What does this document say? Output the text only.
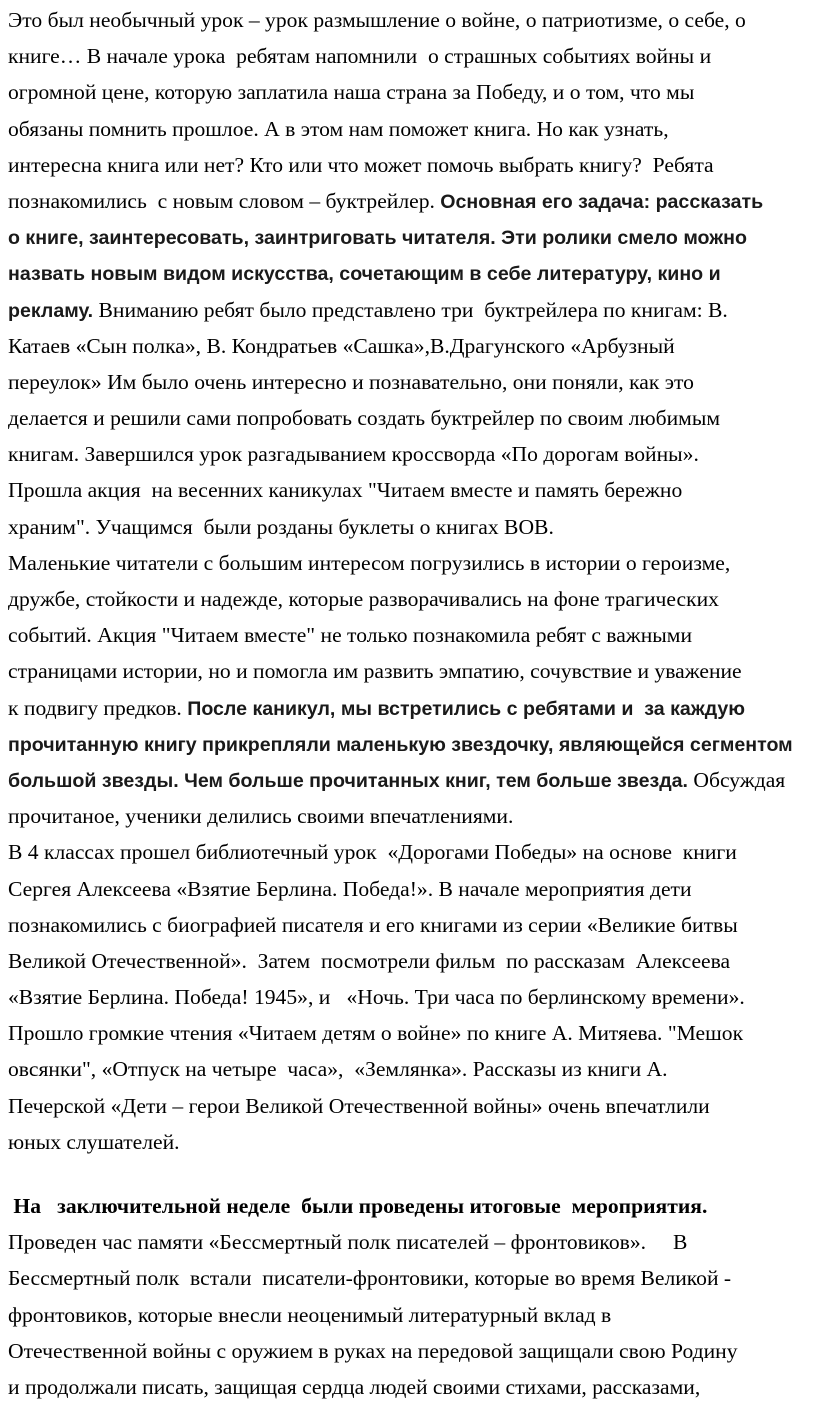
Это был необычный урок – урок размышление о войне, о патриотизме, о себе, о
книге… В начале урока  ребятам напомнили  о страшных событиях войны и
огромной цене, которую заплатила наша страна за Победу, и о том, что мы
обязаны помнить прошлое. А в этом нам поможет книга. Но как узнать,
интересна книга или нет? Кто или что может помочь выбрать книгу?  Ребята
познакомились  с новым словом – буктрейлер. Основная его задача: рассказать
о книге, заинтересовать, заинтриговать читателя. Эти ролики смело можно
назвать новым видом искусства, сочетающим в себе литературу, кино и
рекламу. Вниманию ребят было представлено три  буктрейлера по книгам: В.
Катаев «Сын полка», В. Кондратьев «Сашка»,В.Драгунского «Арбузный
переулок» Им было очень интересно и познавательно, они поняли, как это
делается и решили сами попробовать создать буктрейлер по своим любимым
книгам. Завершился урок разгадыванием кроссворда «По дорогам войны».
Прошла акция  на весенних каникулах "Читаем вместе и память бережно
храним". Учащимся  были розданы буклеты о книгах ВОВ.
Маленькие читатели с большим интересом погрузились в истории о героизме,
дружбе, стойкости и надежде, которые разворачивались на фоне трагических
событий. Акция "Читаем вместе" не только познакомила ребят с важными
страницами истории, но и помогла им развить эмпатию, сочувствие и уважение
к подвигу предков. После каникул, мы встретились с ребятами и  за каждую
прочитанную книгу прикрепляли маленькую звездочку, являющейся сегментом
большой звезды. Чем больше прочитанных книг, тем больше звезда. Обсуждая
прочитаное, ученики делились своими впечатлениями.
В 4 классах прошел библиотечный урок  «Дорогами Победы» на основе  книги
Сергея Алексеева «Взятие Берлина. Победа!». В начале мероприятия дети
познакомились с биографией писателя и его книгами из серии «Великие битвы
Великой Отечественной».  Затем  посмотрели фильм  по рассказам  Алексеева
«Взятие Берлина. Победа! 1945», и   «Ночь. Три часа по берлинскому времени».
Прошло громкие чтения «Читаем детям о войне» по книге А. Митяева. "Мешок
овсянки", «Отпуск на четыре  часа»,  «Землянка». Рассказы из книги А.
Печерской «Дети – герои Великой Отечественной войны» очень впечатлили
юных слушателей.
На   заключительной неделе  были проведены итоговые  мероприятия.
Проведен час памяти «Бессмертный полк писателей – фронтовиков».     В
Бессмертный полк  встали  писатели-фронтовики, которые во время Великой -
фронтовиков, которые внесли неоценимый литературный вклад в
Отечественной войны с оружием в руках на передовой защищали свою Родину
и продолжали писать, защищая сердца людей своими стихами, рассказами,
